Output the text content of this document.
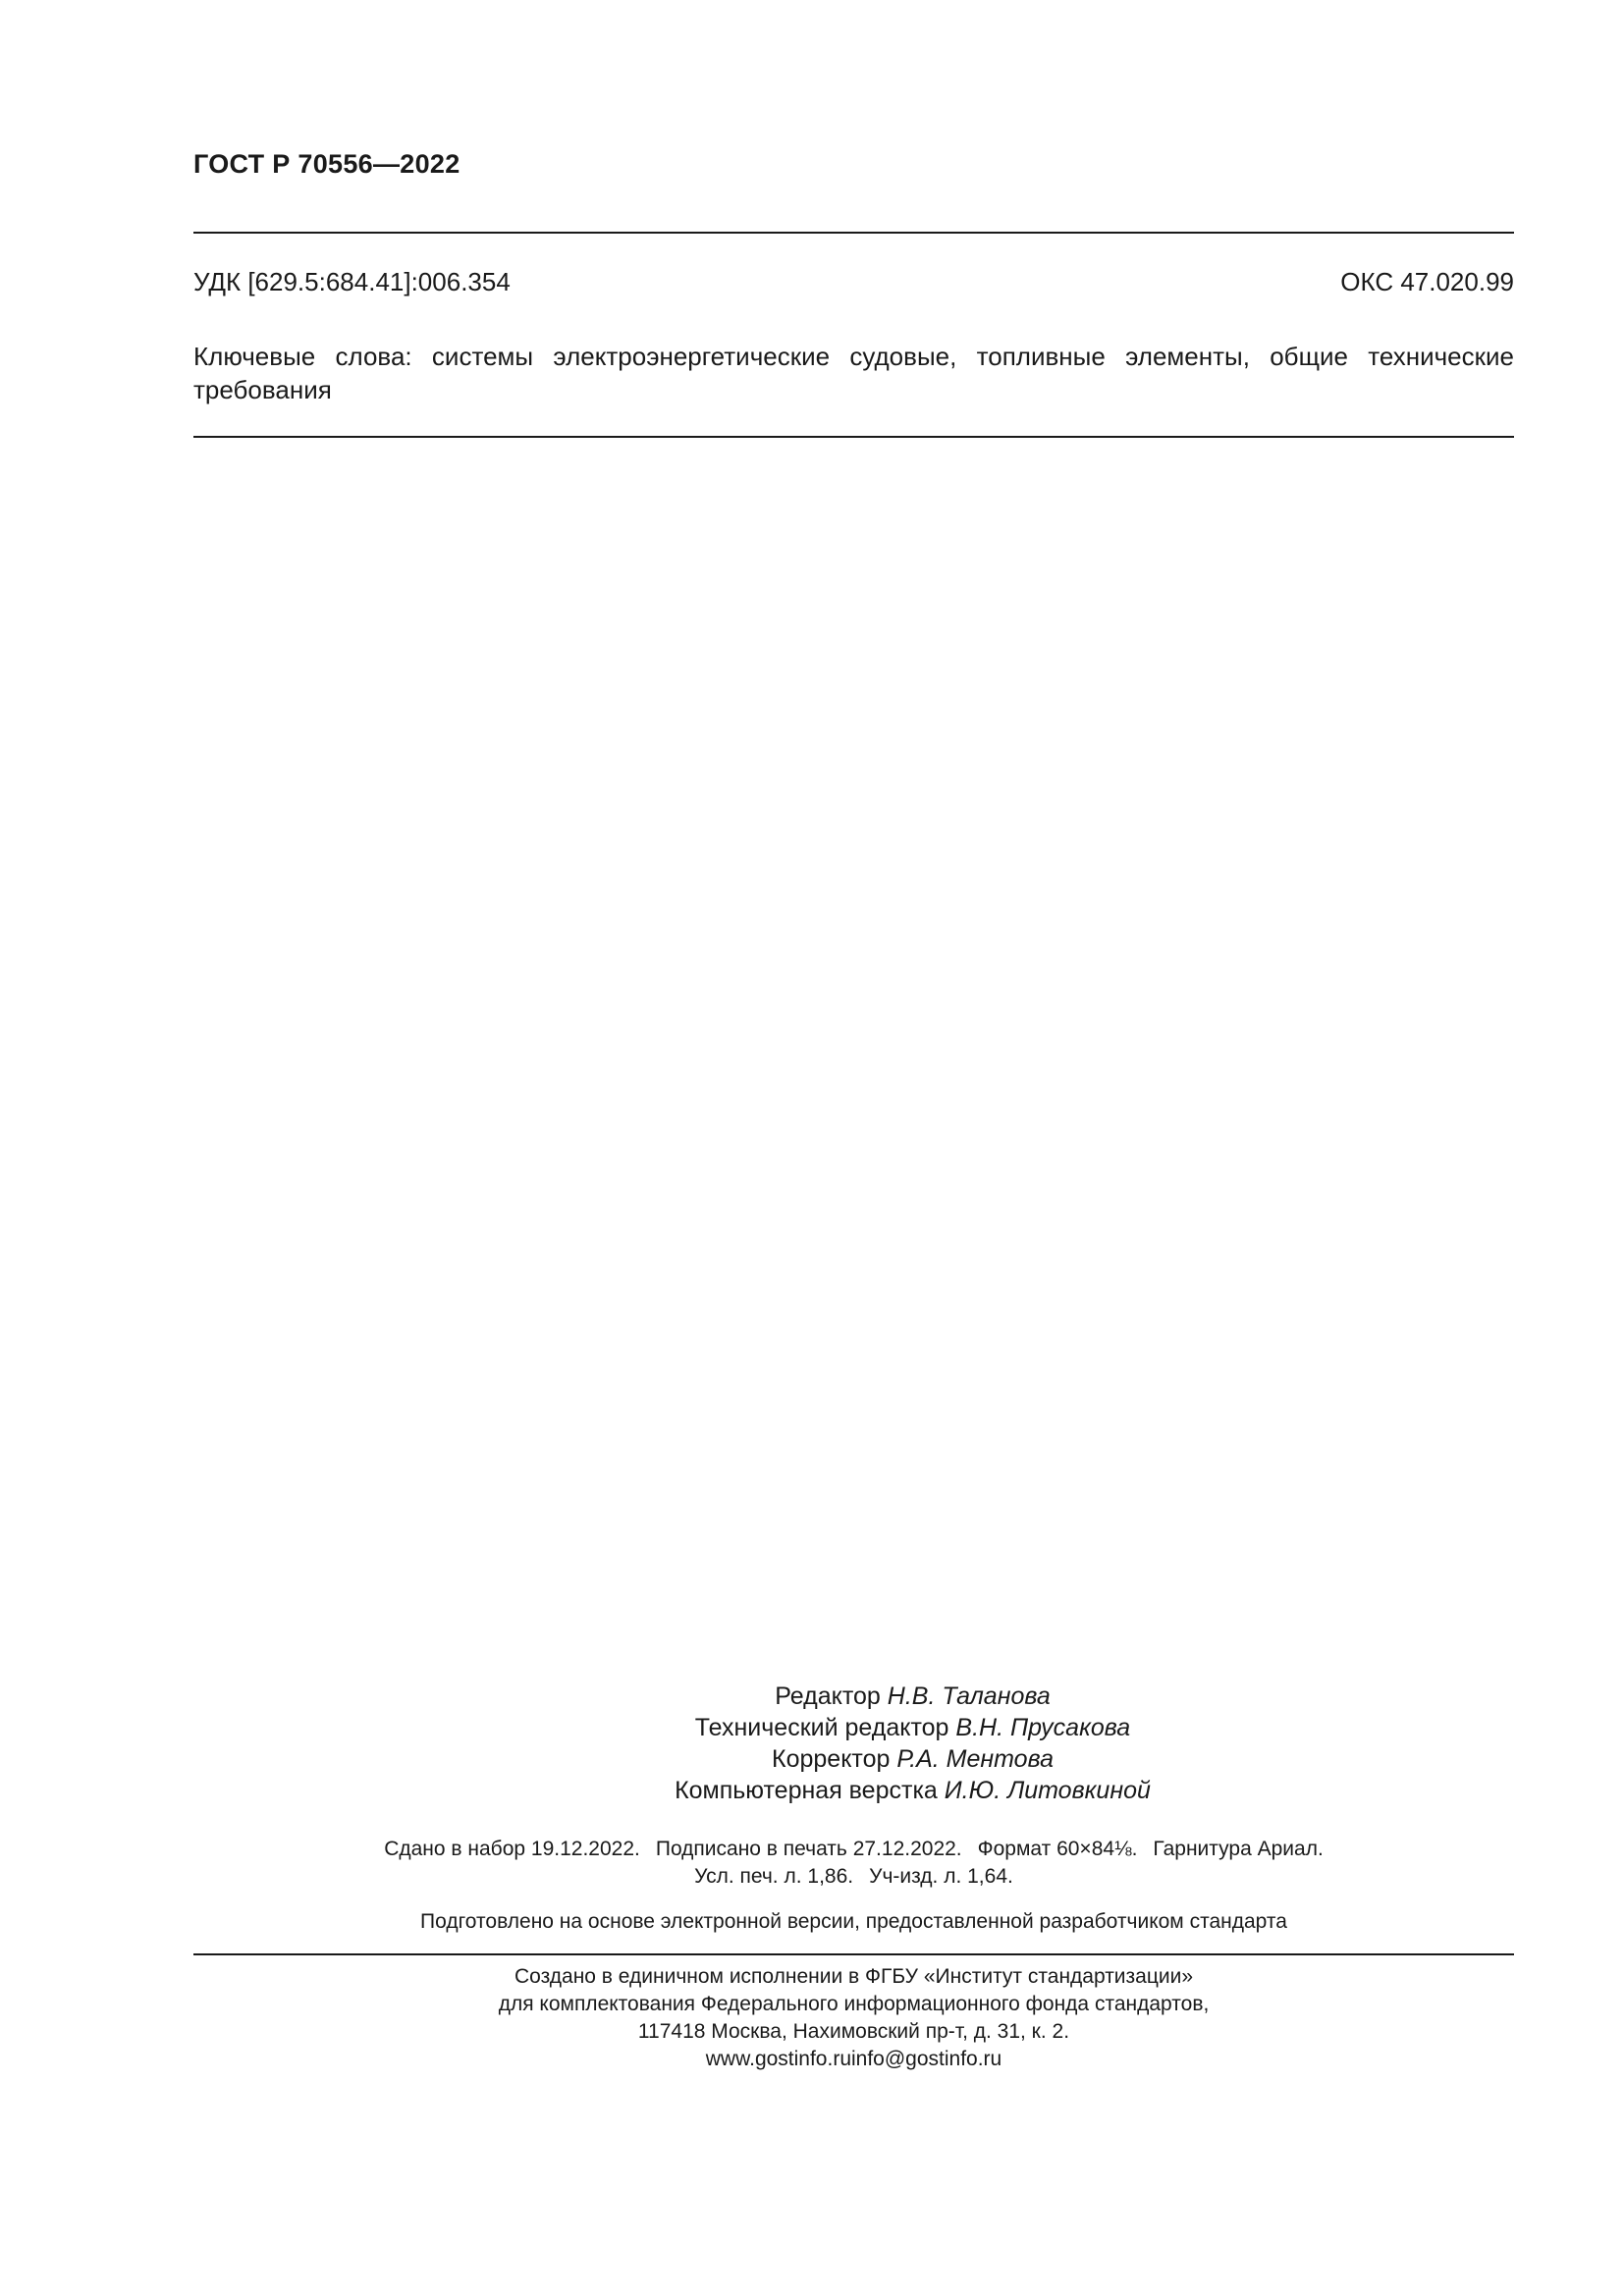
ГОСТ Р 70556—2022
УДК [629.5:684.41]:006.354	ОКС 47.020.99
Ключевые слова: системы электроэнергетические судовые, топливные элементы, общие технические требования
Редактор Н.В. Таланова
Технический редактор В.Н. Прусакова
Корректор Р.А. Ментова
Компьютерная верстка И.Ю. Литовкиной
Сдано в набор 19.12.2022. Подписано в печать 27.12.2022. Формат 60×84⅛. Гарнитура Ариал.
Усл. печ. л. 1,86. Уч-изд. л. 1,64.
Подготовлено на основе электронной версии, предоставленной разработчиком стандарта
Создано в единичном исполнении в ФГБУ «Институт стандартизации»
для комплектования Федерального информационного фонда стандартов,
117418 Москва, Нахимовский пр-т, д. 31, к. 2.
www.gostinfo.ruinfo@gostinfo.ru
